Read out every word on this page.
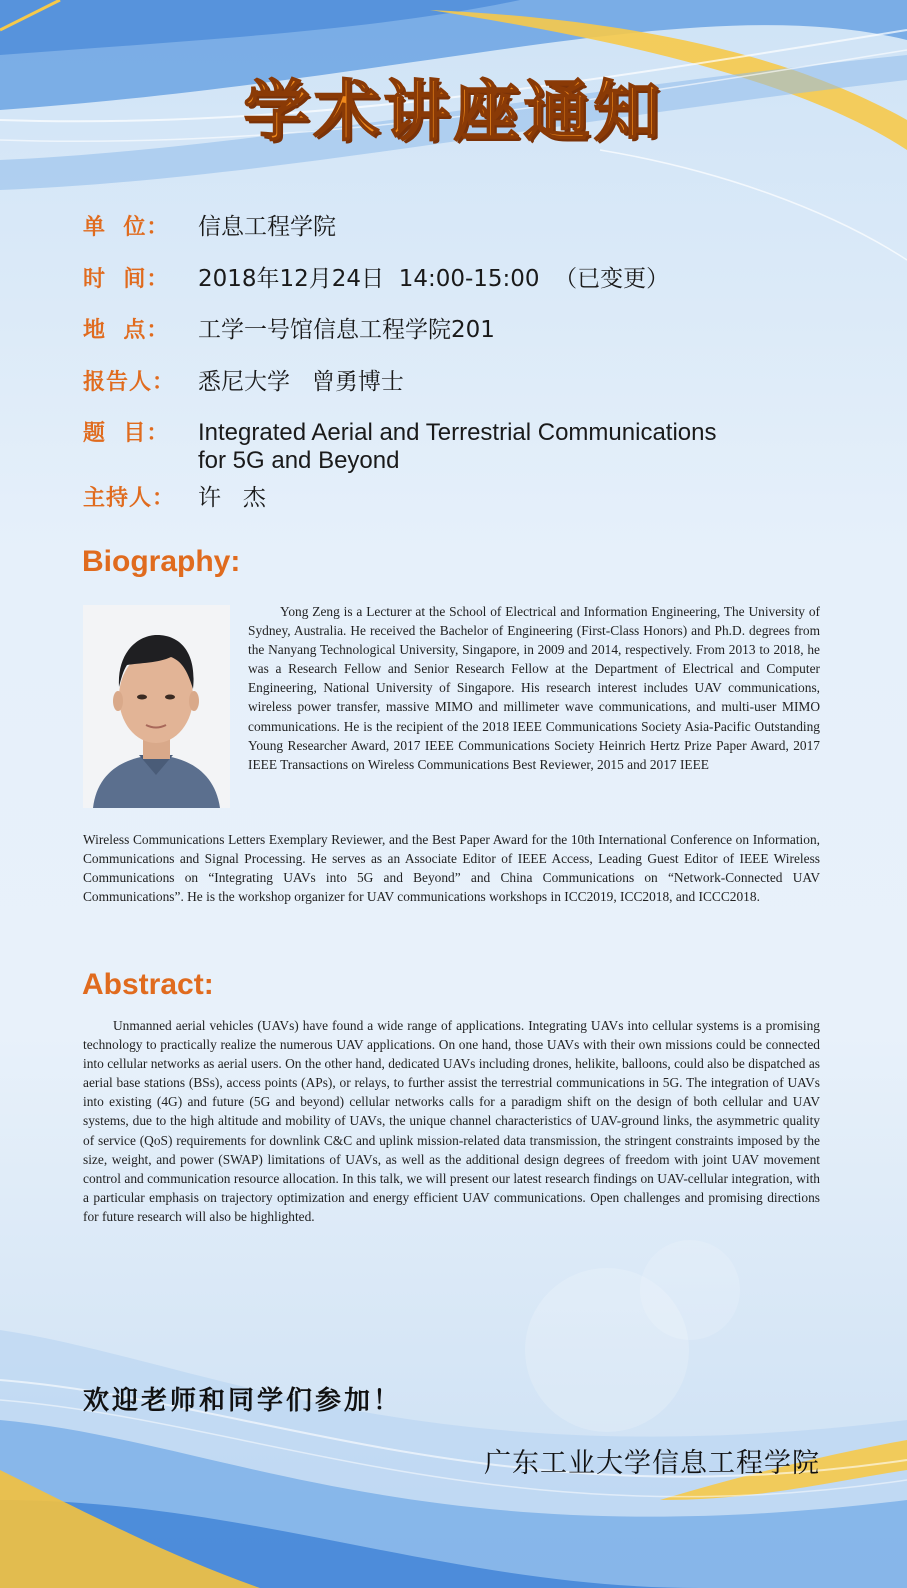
学术讲座通知
单  位：	信息工程学院
时  间：	2018年12月24日  14:00-15:00  （已变更）
地  点：	工学一号馆信息工程学院201
报告人： 悉尼大学   曾勇博士
题  目：	Integrated Aerial and Terrestrial Communications
for 5G and Beyond
主持人： 许   杰
Biography:

Yong Zeng is a Lecturer at the School of Electrical and Information Engineering, The University of Sydney, Australia. He received the Bachelor of Engineering (First-Class Honors) and Ph.D. degrees from the Nanyang Technological University, Singapore, in 2009 and 2014, respectively. From 2013 to 2018, he was a Research Fellow and Senior Research Fellow at the Department of Electrical and Computer Engineering, National University of Singapore. His research interest includes UAV communications, wireless power transfer, massive MIMO and millimeter wave communications, and multi-user MIMO communications. He is the recipient of the 2018 IEEE Communications Society Asia-Pacific Outstanding Young Researcher Award, 2017 IEEE Communications Society Heinrich Hertz Prize Paper Award, 2017 IEEE Transactions on Wireless Communications Best Reviewer, 2015 and 2017 IEEE

Wireless Communications Letters Exemplary Reviewer, and the Best Paper Award for the 10th International Conference on Information, Communications and Signal Processing. He serves as an Associate Editor of IEEE Access, Leading Guest Editor of IEEE Wireless Communications on “Integrating UAVs into 5G and Beyond” and China Communications on “Network-Connected UAV Communications”. He is the workshop organizer for UAV communications workshops in ICC2019, ICC2018, and ICCC2018.

Abstract:

Unmanned aerial vehicles (UAVs) have found a wide range of applications. Integrating UAVs into cellular systems is a promising technology to practically realize the numerous UAV applications. On one hand, those UAVs with their own missions could be connected into cellular networks as aerial users. On the other hand, dedicated UAVs including drones, helikite, balloons, could also be dispatched as aerial base stations (BSs), access points (APs), or relays, to further assist the terrestrial communications in 5G. The integration of UAVs into existing (4G) and future (5G and beyond) cellular networks calls for a paradigm shift on the design of both cellular and UAV systems, due to the high altitude and mobility of UAVs, the unique channel characteristics of UAV-ground links, the asymmetric quality of service (QoS) requirements for downlink C&C and uplink mission-related data transmission, the stringent constraints imposed by the size, weight, and power (SWAP) limitations of UAVs, as well as the additional design degrees of freedom with joint UAV movement control and communication resource allocation. In this talk, we will present our latest research findings on UAV-cellular integration, with a particular emphasis on trajectory optimization and energy efficient UAV communications. Open challenges and promising directions for future research will also be highlighted.

欢迎老师和同学们参加！
广东工业大学信息工程学院
